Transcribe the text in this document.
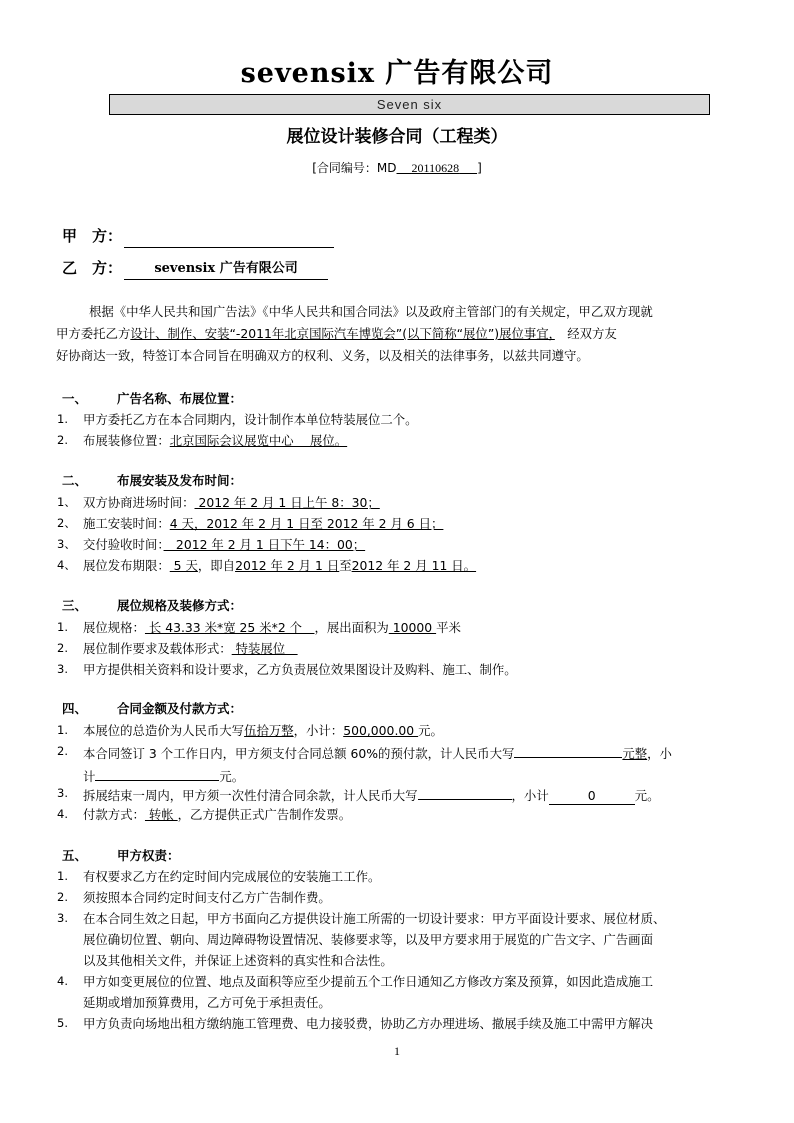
sevensix 广告有限公司
Seven six
展位设计装修合同（工程类）
[合同编号：MD 20110628 ]
甲　方：
乙　方： sevensix 广告有限公司
根据《中华人民共和国广告法》《中华人民共和国合同法》以及政府主管部门的有关规定，甲乙双方现就
甲方委托乙方设计、制作、安装“-2011年北京国际汽车博览会”(以下简称“展位”)展位事宜，　经双方友
好协商达一致，特签订本合同旨在明确双方的权利、义务，以及相关的法律事务，以兹共同遵守。
一、 广告名称、布展位置：
1. 甲方委托乙方在本合同期内，设计制作本单位特装展位二个。
2. 布展装修位置：北京国际会议展览中心　 展位。
二、 布展安装及发布时间：
1、 双方协商进场时间： 2012 年 2 月 1 日上午 8：30；
2、 施工安装时间：4 天，2012 年 2 月 1 日至 2012 年 2 月 6 日；
3、 交付验收时间：　2012 年 2 月 1 日下午 14：00；
4、 展位发布期限： 5 天，即自2012 年 2 月 1 日至2012 年 2 月 11 日。
三、 展位规格及装修方式：
1. 展位规格： 长 43.33 米*宽 25 米*2 个　，展出面积为 10000 平米
2. 展位制作要求及载体形式： 特装展位　
3. 甲方提供相关资料和设计要求，乙方负责展位效果图设计及购料、施工、制作。
四、 合同金额及付款方式：
1. 本展位的总造价为人民币大写伍拾万整，小计：500,000.00 元。
2. 本合同签订 3 个工作日内，甲方须支付合同总额 60%的预付款，计人民币大写	元整，小
计	元。
3. 拆展结束一周内，甲方须一次性付清合同余款，计人民币大写	，小计	0	元。
4. 付款方式： 转帐 ，乙方提供正式广告制作发票。
五、 甲方权责：
1. 有权要求乙方在约定时间内完成展位的安装施工工作。
2. 须按照本合同约定时间支付乙方广告制作费。
3. 在本合同生效之日起，甲方书面向乙方提供设计施工所需的一切设计要求：甲方平面设计要求、展位材质、
展位确切位置、朝向、周边障碍物设置情况、装修要求等，以及甲方要求用于展览的广告文字、广告画面
以及其他相关文件，并保证上述资料的真实性和合法性。
4. 甲方如变更展位的位置、地点及面积等应至少提前五个工作日通知乙方修改方案及预算，如因此造成施工
延期或增加预算费用，乙方可免于承担责任。
5. 甲方负责向场地出租方缴纳施工管理费、电力接驳费，协助乙方办理进场、撤展手续及施工中需甲方解决
1
